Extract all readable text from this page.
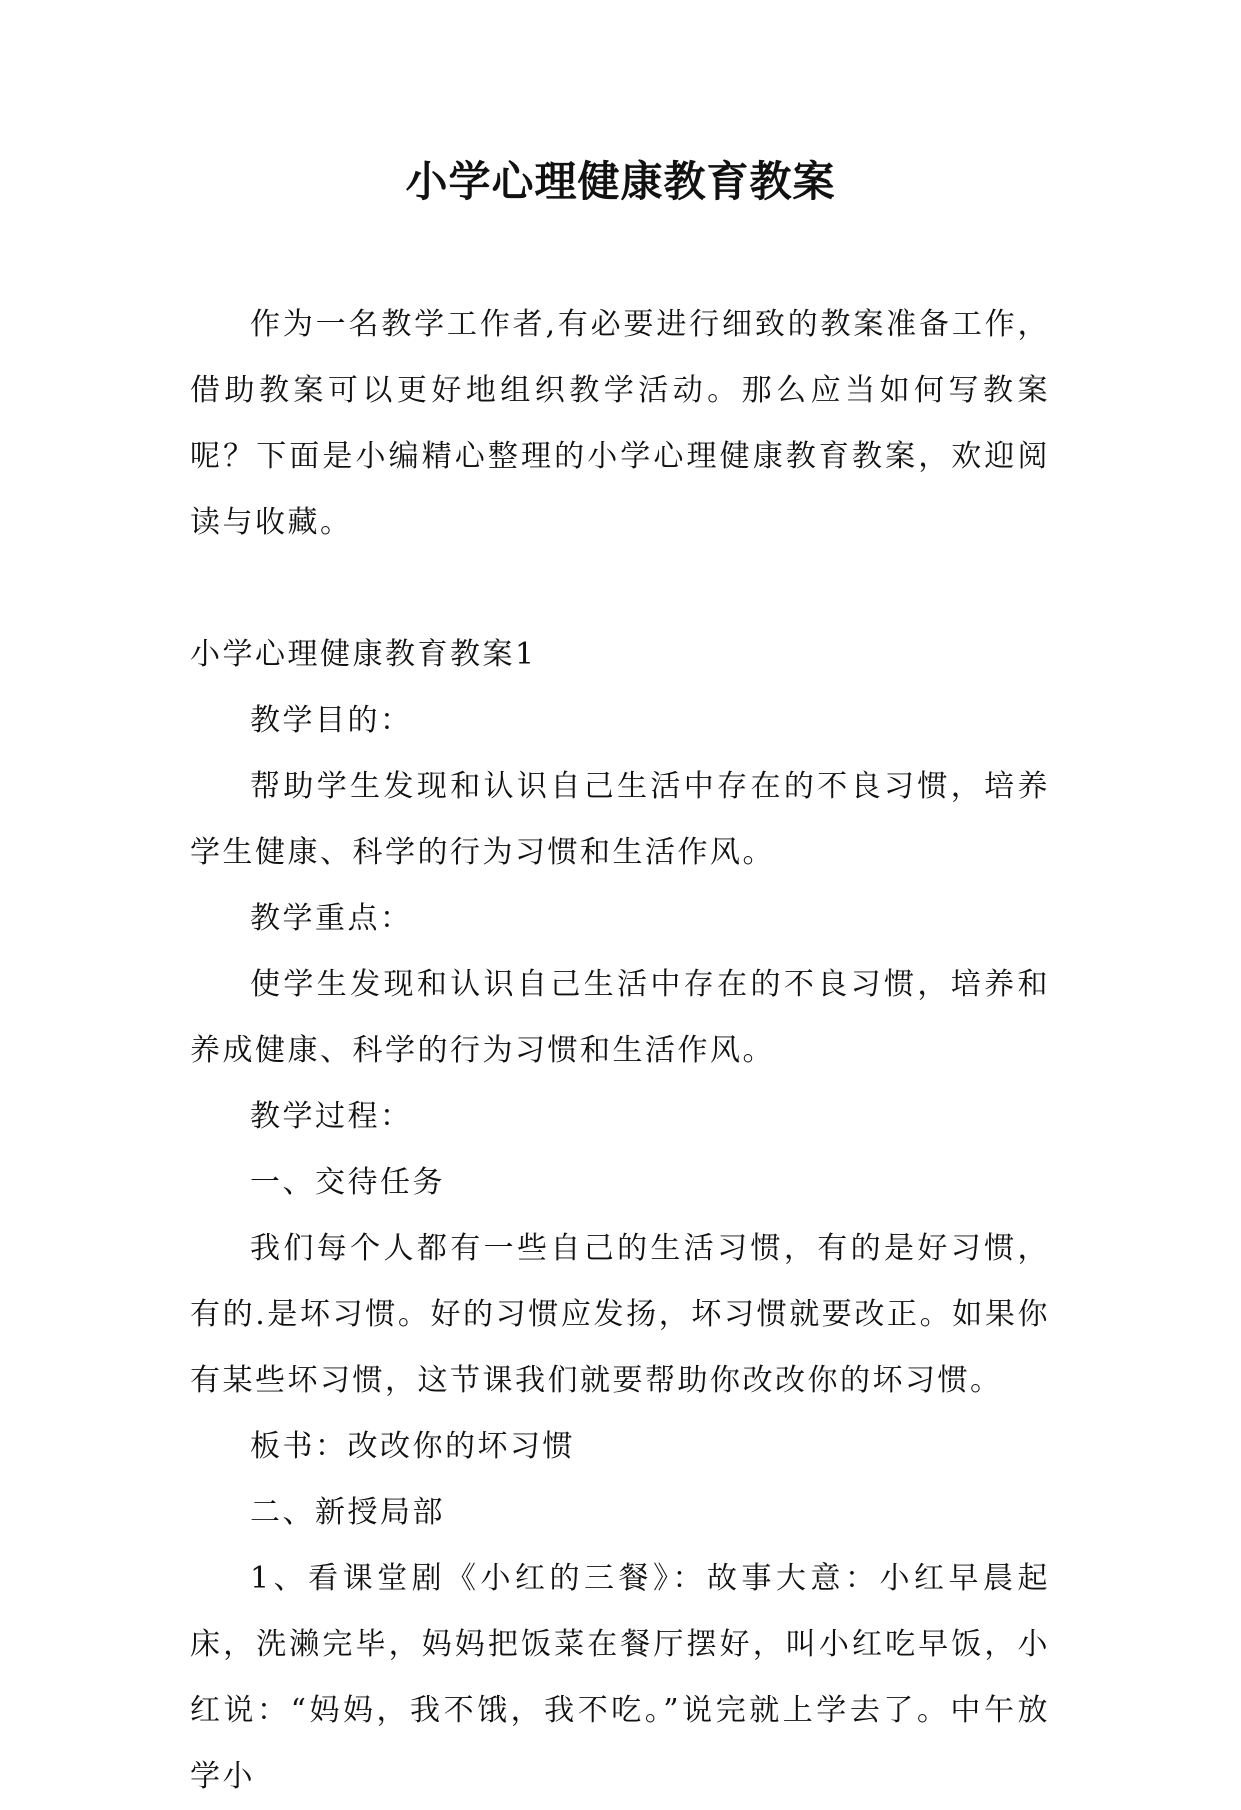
小学心理健康教育教案

作为一名教学工作者,有必要进行细致的教案准备工作，借助教案可以更好地组织教学活动。那么应当如何写教案呢？下面是小编精心整理的小学心理健康教育教案，欢迎阅读与收藏。

小学心理健康教育教案1

教学目的：

帮助学生发现和认识自己生活中存在的不良习惯，培养学生健康、科学的行为习惯和生活作风。

教学重点：

使学生发现和认识自己生活中存在的不良习惯，培养和养成健康、科学的行为习惯和生活作风。

教学过程：

一、交待任务

我们每个人都有一些自己的生活习惯，有的是好习惯，有的.是坏习惯。好的习惯应发扬，坏习惯就要改正。如果你有某些坏习惯，这节课我们就要帮助你改改你的坏习惯。

板书：改改你的坏习惯

二、新授局部

1、看课堂剧《小红的三餐》：故事大意：小红早晨起床，洗濑完毕，妈妈把饭菜在餐厅摆好，叫小红吃早饭，小红说：“妈妈，我不饿，我不吃。”说完就上学去了。中午放学小
